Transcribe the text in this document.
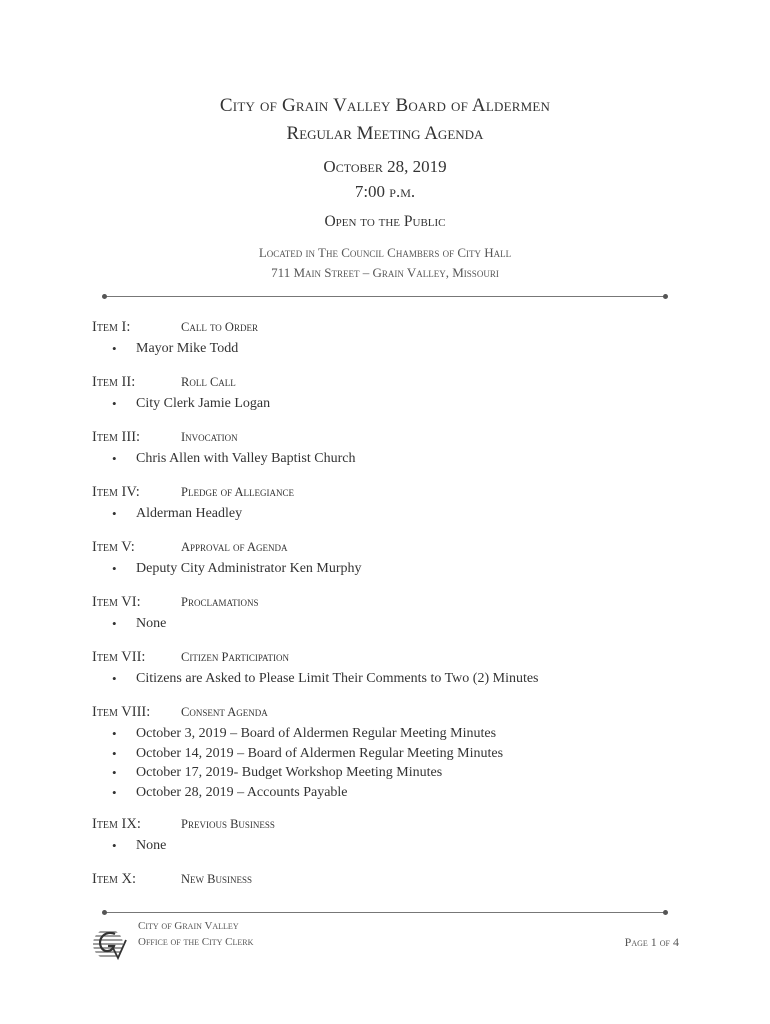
City of Grain Valley Board of Aldermen
Regular Meeting Agenda
October 28, 2019
7:00 p.m.
Open to the Public
Located in The Council Chambers of City Hall
711 Main Street – Grain Valley, Missouri
Item I:	Call to Order
• Mayor Mike Todd
Item II:	Roll Call
• City Clerk Jamie Logan
Item III:	Invocation
• Chris Allen with Valley Baptist Church
Item IV:	Pledge of Allegiance
• Alderman Headley
Item V:	Approval of Agenda
• Deputy City Administrator Ken Murphy
Item VI:	Proclamations
• None
Item VII:	Citizen Participation
• Citizens are Asked to Please Limit Their Comments to Two (2) Minutes
Item VIII: Consent Agenda
• October 3, 2019 – Board of Aldermen Regular Meeting Minutes
• October 14, 2019 – Board of Aldermen Regular Meeting Minutes
• October 17, 2019- Budget Workshop Meeting Minutes
• October 28, 2019 – Accounts Payable
Item IX:	Previous Business
• None
Item X:	New Business
City of Grain Valley
Office of the City Clerk	Page 1 of 4
